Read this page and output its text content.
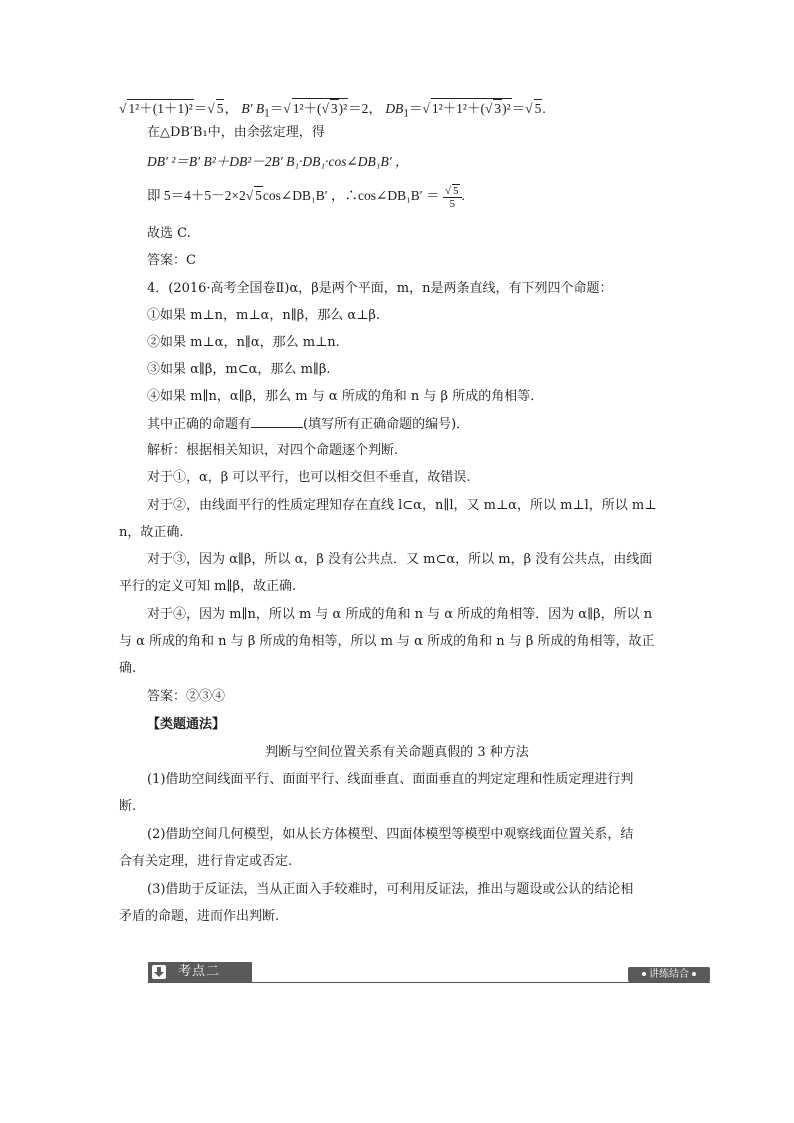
√ 1²＋(1＋1)²＝√ 5， B′ $B_1=√$ 1²＋(√ 3)²＝2， $DB_1=√$ 1²＋1²＋(√ 3)²＝√ 5.
在△DB′B₁中，由余弦定理，得
DB′ ²＝B′ B²＋DB²－2B′ B₁·DB₁·cos∠DB₁B′ ，
即 5＝4＋5－2×2√ 5cos∠DB₁B′ ，∴cos∠DB₁B′ ＝ $\frac{√ 5}{5}$ .
故选 C.
答案：C
4．(2016·高考全国卷Ⅱ)α，β是两个平面，m，n是两条直线，有下列四个命题：
①如果 m⊥n，m⊥α，n∥β，那么 α⊥β.
②如果 m⊥α，n∥α，那么 m⊥n.
③如果 α∥β，m⊂α，那么 m∥β.
④如果 m∥n，α∥β，那么 m 与 α 所成的角和 n 与 β 所成的角相等．
其中正确的命题有	(填写所有正确命题的编号)．
解析：根据相关知识，对四个命题逐个判断.
对于①，α，β 可以平行，也可以相交但不垂直，故错误.
对于②，由线面平行的性质定理知存在直线 l⊂α，n∥l，又 m⊥α，所以 m⊥l，所以 m⊥
n，故正确.
对于③，因为 α∥β，所以 α，β 没有公共点．又 m⊂α，所以 m，β 没有公共点，由线面
平行的定义可知 m∥β，故正确.
对于④，因为 m∥n，所以 m 与 α 所成的角和 n 与 α 所成的角相等．因为 α∥β，所以 n
与 α 所成的角和 n 与 β 所成的角相等，所以 m 与 α 所成的角和 n 与 β 所成的角相等，故正
确.
答案：②③④
【类题通法】
判断与空间位置关系有关命题真假的 3 种方法
(1)借助空间线面平行、面面平行、线面垂直、面面垂直的判定定理和性质定理进行判
断.
(2)借助空间几何模型，如从长方体模型、四面体模型等模型中观察线面位置关系，结
合有关定理，进行肯定或否定.
(3)借助于反证法，当从正面入手较难时，可利用反证法，推出与题设或公认的结论相
矛盾的命题，进而作出判断.
考点二	讲练结合
